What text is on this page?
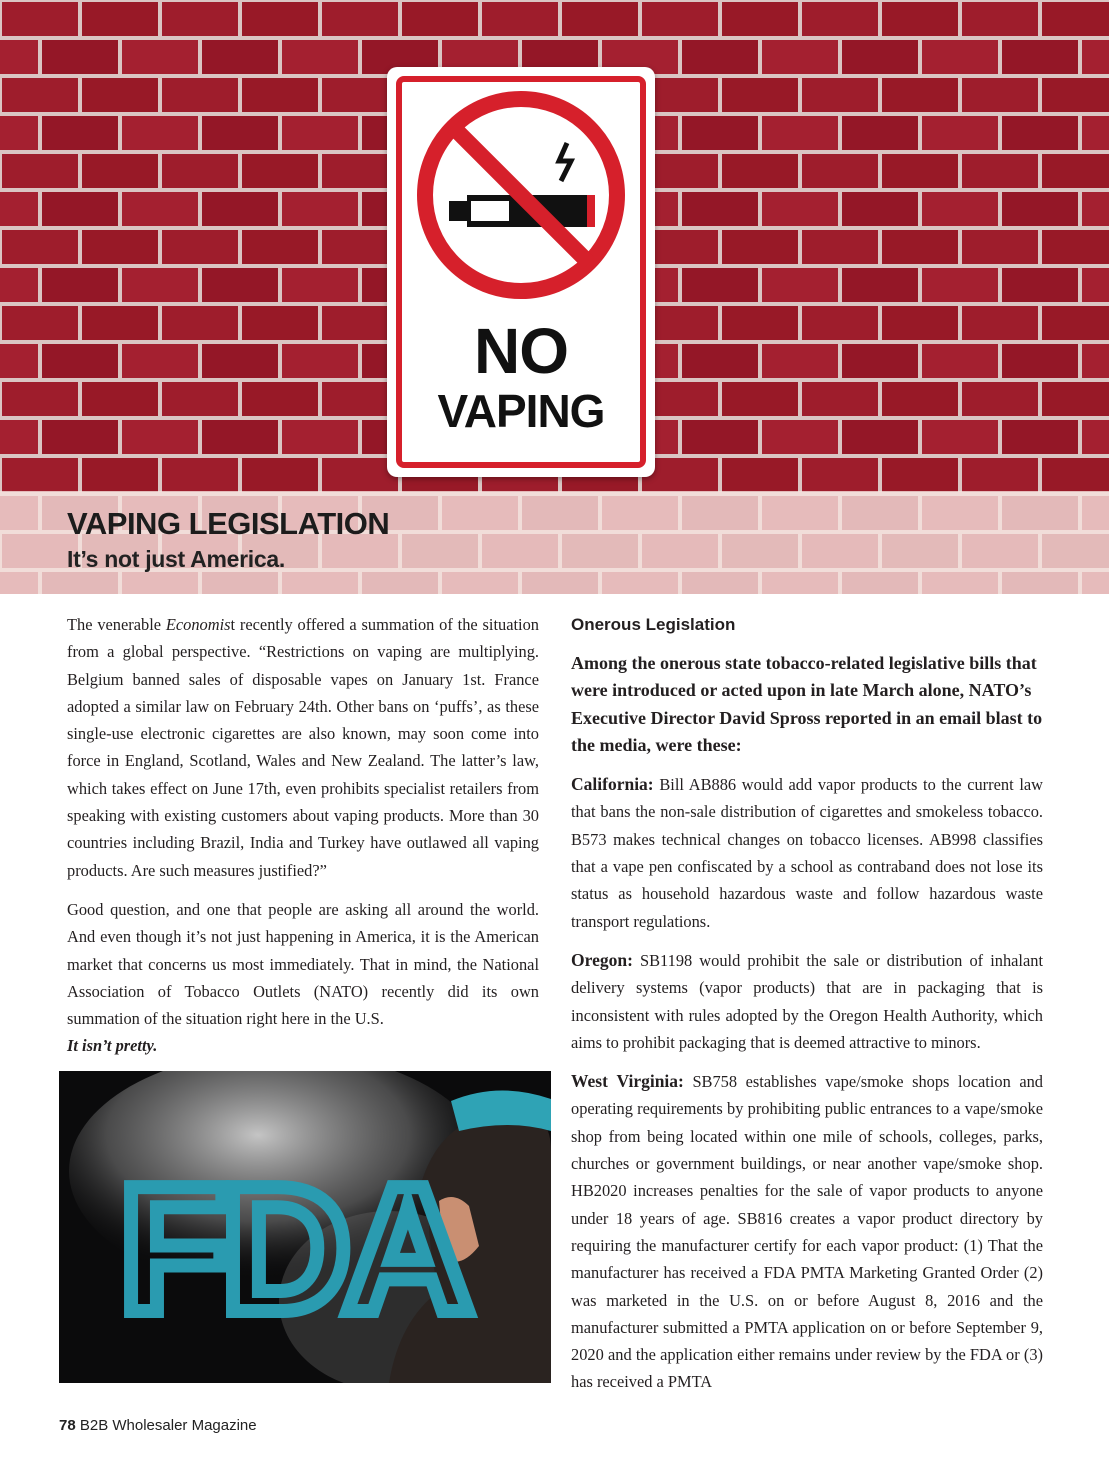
NO
VAPING
VAPING LEGISLATION
It’s not just America.

The venerable Economist recently offered a summation of the situation from a global perspective. “Restrictions on vaping are multiplying. Belgium banned sales of disposable vapes on January 1st. France adopted a similar law on February 24th. Other bans on ‘puffs’, as these single-use electronic cigarettes are also known, may soon come into force in England, Scotland, Wales and New Zealand. The latter’s law, which takes effect on June 17th, even prohibits specialist retailers from speaking with existing customers about vaping products. More than 30 countries including Brazil, India and Turkey have outlawed all vaping products. Are such measures justified?”

Good question, and one that people are asking all around the world. And even though it’s not just happening in America, it is the American market that concerns us most immediately. That in mind, the National Association of Tobacco Outlets (NATO) recently did its own summation of the situation right here in the U.S.
It isn’t pretty.

FDA

Onerous Legislation

Among the onerous state tobacco-related legislative bills that were introduced or acted upon in late March alone, NATO’s Executive Director David Spross reported in an email blast to the media, were these:

California: Bill AB886 would add vapor products to the current law that bans the non-sale distribution of cigarettes and smokeless tobacco. B573 makes technical changes on tobacco licenses. AB998 classifies that a vape pen confiscated by a school as contraband does not lose its status as household hazardous waste and follow hazardous waste transport regulations.

Oregon: SB1198 would prohibit the sale or distribution of inhalant delivery systems (vapor products) that are in packaging that is inconsistent with rules adopted by the Oregon Health Authority, which aims to prohibit packaging that is deemed attractive to minors.

West Virginia: SB758 establishes vape/smoke shops location and operating requirements by prohibiting public entrances to a vape/smoke shop from being located within one mile of schools, colleges, parks, churches or government buildings, or near another vape/smoke shop. HB2020 increases penalties for the sale of vapor products to anyone under 18 years of age. SB816 creates a vapor product directory by requiring the manufacturer certify for each vapor product: (1) That the manufacturer has received a FDA PMTA Marketing Granted Order (2) was marketed in the U.S. on or before August 8, 2016 and the manufacturer submitted a PMTA application on or before September 9, 2020 and the application either remains under review by the FDA or (3) has received a PMTA

78 B2B Wholesaler Magazine
